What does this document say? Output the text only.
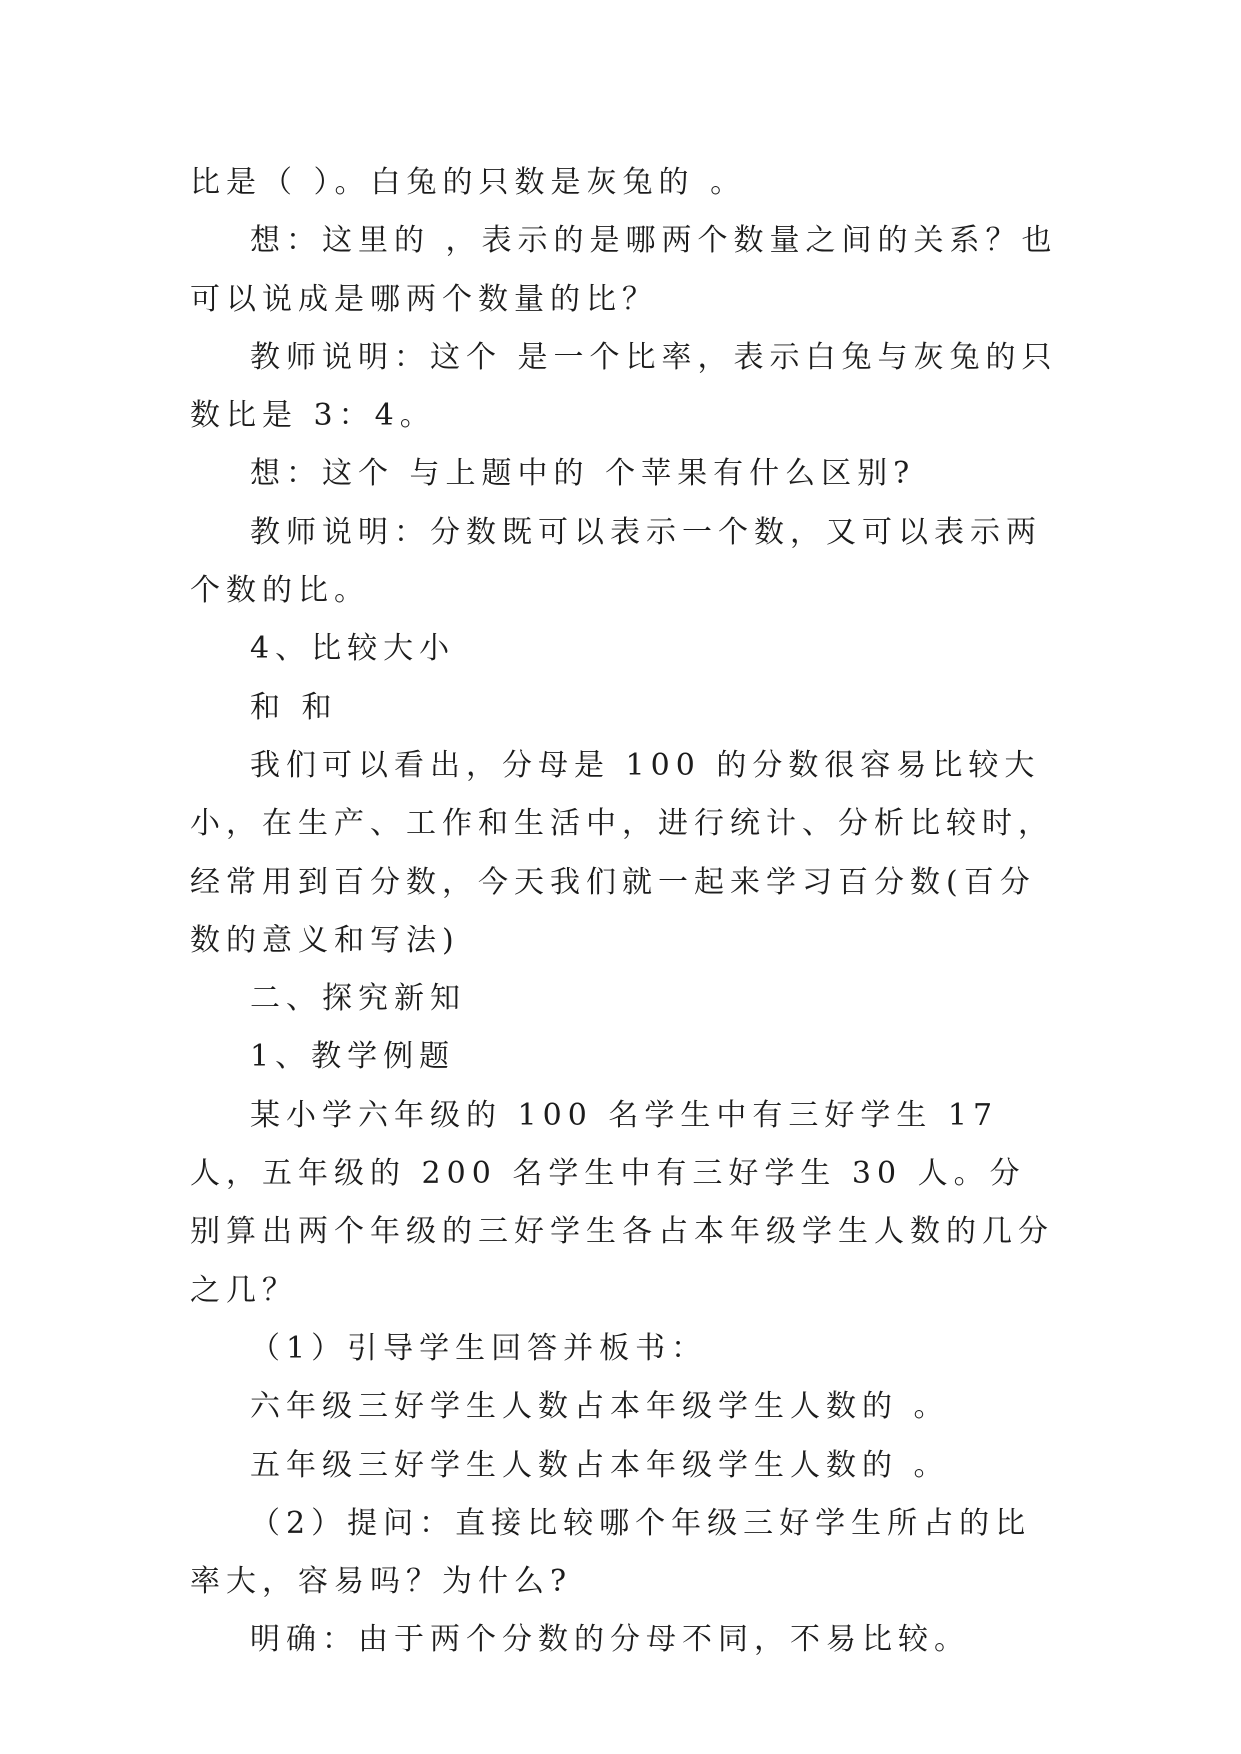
比是（ ）。白兔的只数是灰兔的 。

想：这里的 ，表示的是哪两个数量之间的关系？也可以说成是哪两个数量的比？

教师说明：这个 是一个比率，表示白兔与灰兔的只数比是 3：4。

想：这个 与上题中的 个苹果有什么区别?

教师说明：分数既可以表示一个数，又可以表示两个数的比。

4、比较大小

和 和

我们可以看出，分母是 100 的分数很容易比较大小，在生产、工作和生活中，进行统计、分析比较时，经常用到百分数，今天我们就一起来学习百分数(百分数的意义和写法)

二、探究新知

1、教学例题

某小学六年级的 100 名学生中有三好学生 17 人，五年级的 200 名学生中有三好学生 30 人。分别算出两个年级的三好学生各占本年级学生人数的几分之几？

（1）引导学生回答并板书：

六年级三好学生人数占本年级学生人数的 。

五年级三好学生人数占本年级学生人数的 。

（2）提问：直接比较哪个年级三好学生所占的比率大，容易吗？为什么?

明确：由于两个分数的分母不同，不易比较。
